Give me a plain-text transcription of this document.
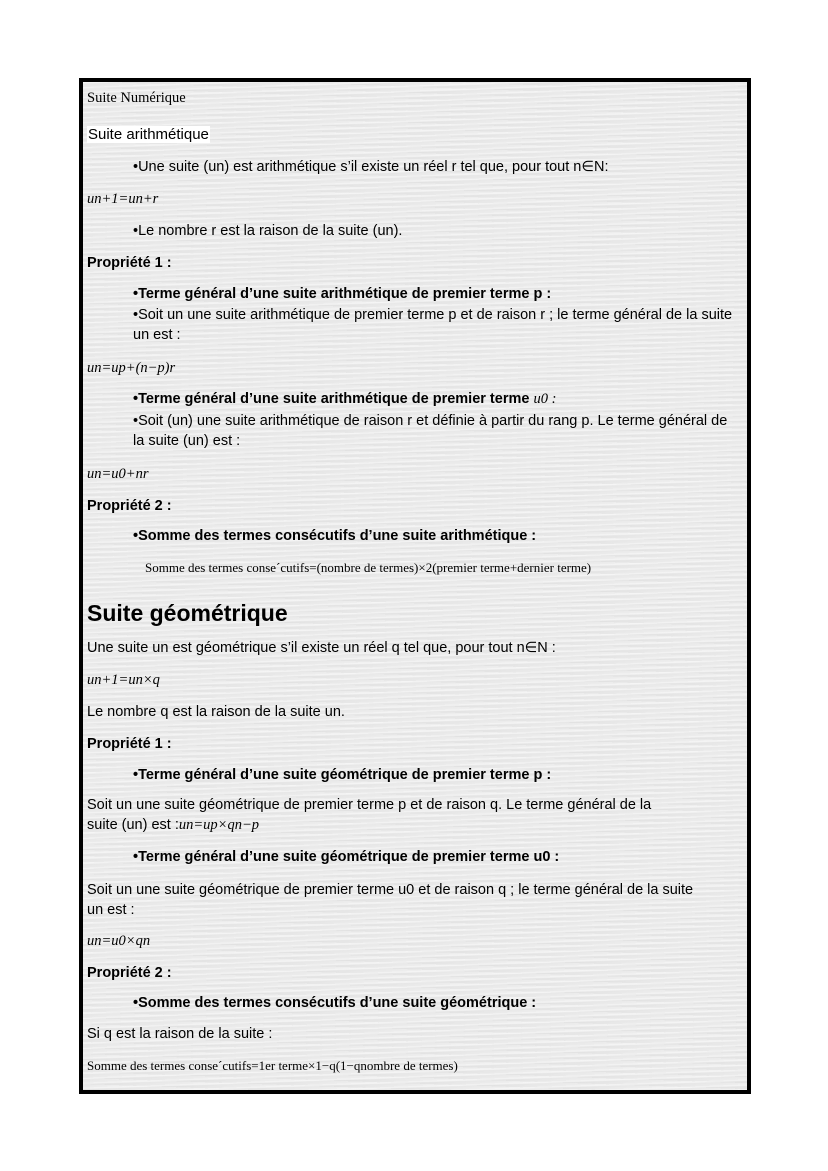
Suite Numérique
Suite arithmétique
•Une suite (un) est arithmétique s’il existe un réel r tel que, pour tout n∈N:
un+1=un+r
•Le nombre r est la raison de la suite (un).
Propriété 1 :
•Terme général d’une suite arithmétique de premier terme p :
•Soit un une suite arithmétique de premier terme p et de raison r ; le terme général de la suite un est :
un=up+(n−p)r
•Terme général d’une suite arithmétique de premier terme u0 :
•Soit (un) une suite arithmétique de raison r et définie à partir du rang p. Le terme général de la suite (un) est :
un=u0+nr
Propriété 2 :
•Somme des termes consécutifs d’une suite arithmétique :
Somme des termes conse´cutifs=(nombre de termes)×2(premier terme+dernier terme)
Suite géométrique
Une suite un est géométrique s’il existe un réel q tel que, pour tout n∈N :
un+1=un×q
Le nombre q est la raison de la suite un.
Propriété 1 :
•Terme général d’une suite géométrique de premier terme p :
Soit un une suite géométrique de premier terme p et de raison q. Le terme général de la
suite (un) est :un=up×qn−p
•Terme général d’une suite géométrique de premier terme u0 :
Soit un une suite géométrique de premier terme u0 et de raison q ; le terme général de la suite un est :
un=u0×qn
Propriété 2 :
•Somme des termes consécutifs d’une suite géométrique :
Si q est la raison de la suite :
Somme des termes conse´cutifs=1er terme×1−q(1−qnombre de termes)
